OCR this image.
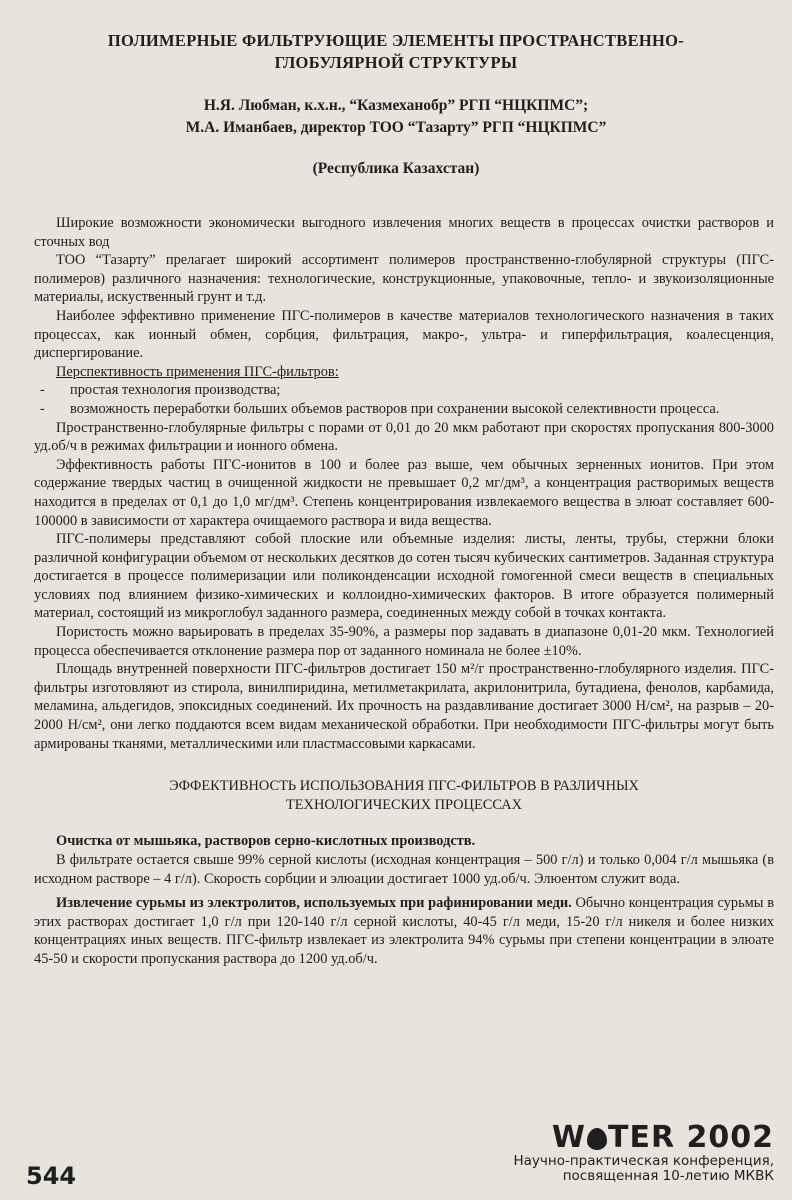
ПОЛИМЕРНЫЕ ФИЛЬТРУЮЩИЕ ЭЛЕМЕНТЫ ПРОСТРАНСТВЕННО-
ГЛОБУЛЯРНОЙ СТРУКТУРЫ
Н.Я. Любман, к.х.н., “Казмеханобр” РГП “НЦКПМС”;
М.А. Иманбаев, директор ТОО “Тазарту” РГП “НЦКПМС”
(Республика Казахстан)

Широкие возможности экономически выгодного извлечения многих веществ в процессах очистки растворов и сточных вод

ТОО “Тазарту” прелагает широкий ассортимент полимеров пространственно-глобулярной структуры (ПГС-полимеров) различного назначения: технологические, конструкционные, упаковочные, тепло- и звукоизоляционные материалы, искуственный грунт и т.д.

Наиболее эффективно применение ПГС-полимеров в качестве материалов технологического назначения в таких процессах, как ионный обмен, сорбция, фильтрация, макро-, ультра- и гиперфильтрация, коалесценция, диспергирование.

Перспективность применения ПГС-фильтров:

-	простая технология производства;
-	возможность переработки больших объемов растворов при сохранении высокой селективности процесса.

Пространственно-глобулярные фильтры с порами от 0,01 до 20 мкм работают при скоростях пропускания 800-3000 уд.об/ч в режимах фильтрации и ионного обмена.

Эффективность работы ПГС-ионитов в 100 и более раз выше, чем обычных зерненных ионитов. При этом содержание твердых частиц в очищенной жидкости не превышает 0,2 мг/дм³, а концентрация растворимых веществ находится в пределах от 0,1 до 1,0 мг/дм³. Степень концентрирования извлекаемого вещества в элюат составляет 600-100000 в зависимости от характера очищаемого раствора и вида вещества.

ПГС-полимеры представляют собой плоские или объемные изделия: листы, ленты, трубы, стержни блоки различной конфигурации объемом от нескольких десятков до сотен тысяч кубических сантиметров. Заданная структура достигается в процессе полимеризации или поликонденсации исходной гомогенной смеси веществ в специальных условиях под влиянием физико-химических и коллоидно-химических факторов. В итоге образуется полимерный материал, состоящий из микроглобул заданного размера, соединенных между собой в точках контакта.

Пористость можно варьировать в пределах 35-90%, а размеры пор задавать в диапазоне 0,01-20 мкм. Технологией процесса обеспечивается отклонение размера пор от заданного номинала не более ±10%.

Площадь внутренней поверхности ПГС-фильтров достигает 150 м²/г пространственно-глобулярного изделия. ПГС-фильтры изготовляют из стирола, винилпиридина, метилметакрилата, акрилонитрила, бутадиена, фенолов, карбамида, меламина, альдегидов, эпоксидных соединений. Их прочность на раздавливание достигает 3000 Н/см², на разрыв – 20-2000 Н/см², они легко поддаются всем видам механической обработки. При необходимости ПГС-фильтры могут быть армированы тканями, металлическими или пластмассовыми каркасами.

ЭФФЕКТИВНОСТЬ ИСПОЛЬЗОВАНИЯ ПГС-ФИЛЬТРОВ В РАЗЛИЧНЫХ
ТЕХНОЛОГИЧЕСКИХ ПРОЦЕССАХ

Очистка от мышьяка, растворов серно-кислотных производств.

В фильтрате остается свыше 99% серной кислоты (исходная концентрация – 500 г/л) и только 0,004 г/л мышьяка (в исходном растворе – 4 г/л). Скорость сорбции и элюации достигает 1000 уд.об/ч. Элюентом служит вода.

Извлечение сурьмы из электролитов, используемых при рафинировании меди. Обычно концентрация сурьмы в этих растворах достигает 1,0 г/л при 120-140 г/л серной кислоты, 40-45 г/л меди, 15-20 г/л никеля и более низких концентрациях иных веществ. ПГС-фильтр извлекает из электролита 94% сурьмы при степени концентрации в элюате 45-50 и скорости пропускания раствора до 1200 уд.об/ч.

544
W TER 2002
Научно-практическая конференция,
посвященная 10-летию МКВК
